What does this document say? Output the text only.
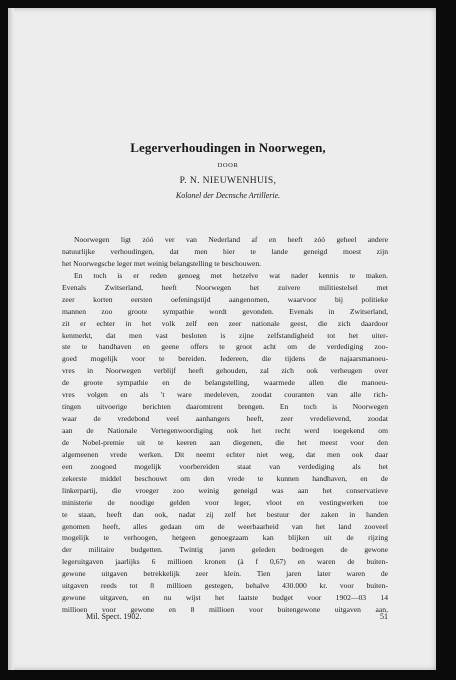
Legerverhoudingen in Noorwegen,
DOOR
P. N. NIEUWENHUIS,
Kolonel der Decnsche Artillerie.
Noorwegen ligt zóó ver van Nederland af en heeft zóó geheel andere
natuurlijke verhoudingen, dat men hier te lande geneigd moest zijn
het Noorwegsche leger met weinig belangstelling te beschouwen.
En toch is er reden genoeg met hetzelve wat nader kennis te maken.
Evenals Zwitserland, heeft Noorwegen het zuivere militiestelsel met
zeer korten eersten oefeningstijd aangenomen, waarvoor bij politieke
mannen zoo groote sympathie wordt gevonden. Evenals in Zwitserland,
zit er echter in het volk zelf een zeer nationale geest, die zich daardoor
kenmerkt, dat men vast besloten is zijne zelfstandigheid tot het uiter-
ste te handhaven en geene offers te groot acht om de verdediging zoo-
goed mogelijk voor te bereiden. Iedereen, die tijdens de najaarsmanoeu-
vres in Noorwegen verblijf heeft gehouden, zal zich ook verheugen over
de groote sympathie en de belangstelling, waarmede allen die manoeu-
vres volgen en als 't ware medeleven, zoodat couranten van alle rich-
tingen uitvoerige berichten daaromtrent brengen. En toch is Noorwegen
waar de vredebond veel aanhangers heeft, zeer vredelievend, zoodat
aan de Nationale Vertegenwoordiging ook het recht werd toegekend om
de Nobel-premie uit te keeren aan diegenen, die het meest voor den
algemeenen vrede werken. Dit neemt echter niet weg, dat men ook daar
een zoogoed mogelijk voorbereiden staat van verdediging als het
zekerste middel beschouwt om den vrede te kunnen handhaven, en de
linkerpartij, die vroeger zoo weinig geneigd was aan het conservatieve
ministerie de noodige gelden voor leger, vloot en vestingwerken toe
te staan, heeft dan ook, nadat zij zelf het bestuur der zaken in handen
genomen heeft, alles gedaan om de weerbaarheid van het land zooveel
mogelijk te verhoogen, hetgeen genoegzaam kan blijken uit de rijzing
der militaire budgetten. Twintig jaren geleden bedroegen de gewone
legeruitgaven jaarlijks 6 millioen kronen (à f 0,67) en waren de buiten-
gewone uitgaven betrekkelijk zeer klein. Tien jaren later waren de
uitgaven reeds tot 8 millioen gestegen, behalve 430.000 kr. voor buiten-
gewone uitgaven, en nu wijst het laatste budget voor 1902—03 14
millioen voor gewone en 8 millioen voor buitengewone uitgaven aan,
Mil. Spect. 1902.	51
